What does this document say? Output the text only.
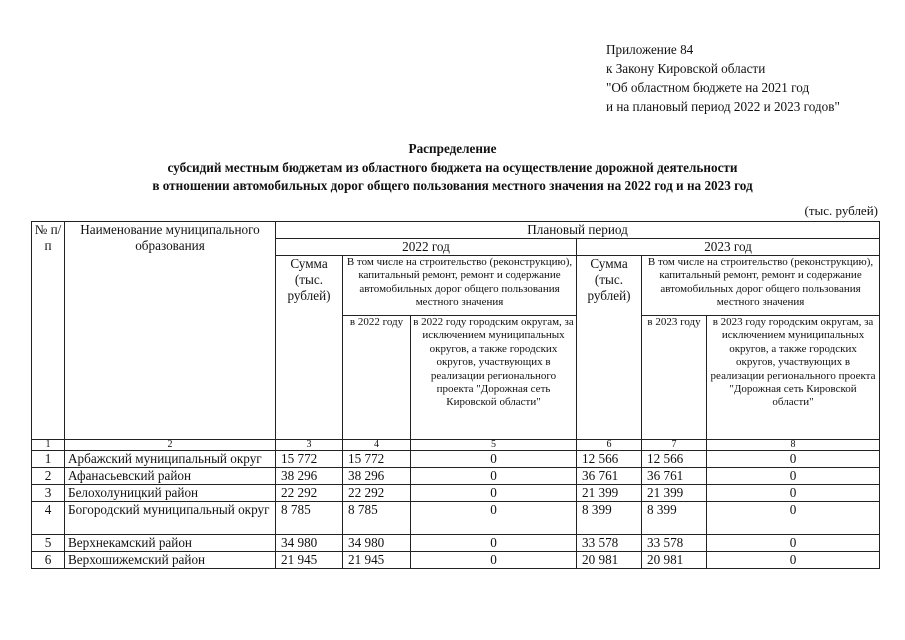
Приложение 84
к Закону Кировской области
"Об областном бюджете на 2021 год
и на плановый период 2022 и 2023 годов"
Распределение
субсидий местным бюджетам из областного бюджета на осуществление дорожной деятельности
в отношении автомобильных дорог общего пользования местного значения на 2022 год и на 2023 год
(тыс. рублей)
№ п/п	Наименование муниципального образования	Плановый период					
		2022 год			2023 год		
		Сумма (тыс. рублей)	В том числе на строительство (реконструкцию), капитальный ремонт, ремонт и содержание автомобильных дорог общего пользования местного значения		Сумма (тыс. рублей)	В том числе на строительство (реконструкцию), капитальный ремонт, ремонт и содержание автомобильных дорог общего пользования местного значения	
			в 2022 году	в 2022 году городским округам, за исключением муниципальных округов, а также городских округов, участвующих в реализации регионального проекта "Дорожная сеть Кировской области"		в 2023 году	в 2023 году городским округам, за исключением муниципальных округов, а также городских округов, участвующих в реализации регионального проекта "Дорожная сеть Кировской области"
1	2	3	4	5	6	7	8
1	Арбажский муниципальный округ	15 772	15 772	0	12 566	12 566	0
2	Афанасьевский район	38 296	38 296	0	36 761	36 761	0
3	Белохолуницкий район	22 292	22 292	0	21 399	21 399	0
4	Богородский муниципальный округ	8 785	8 785	0	8 399	8 399	0
5	Верхнекамский район	34 980	34 980	0	33 578	33 578	0
6	Верхошижемский район	21 945	21 945	0	20 981	20 981	0
